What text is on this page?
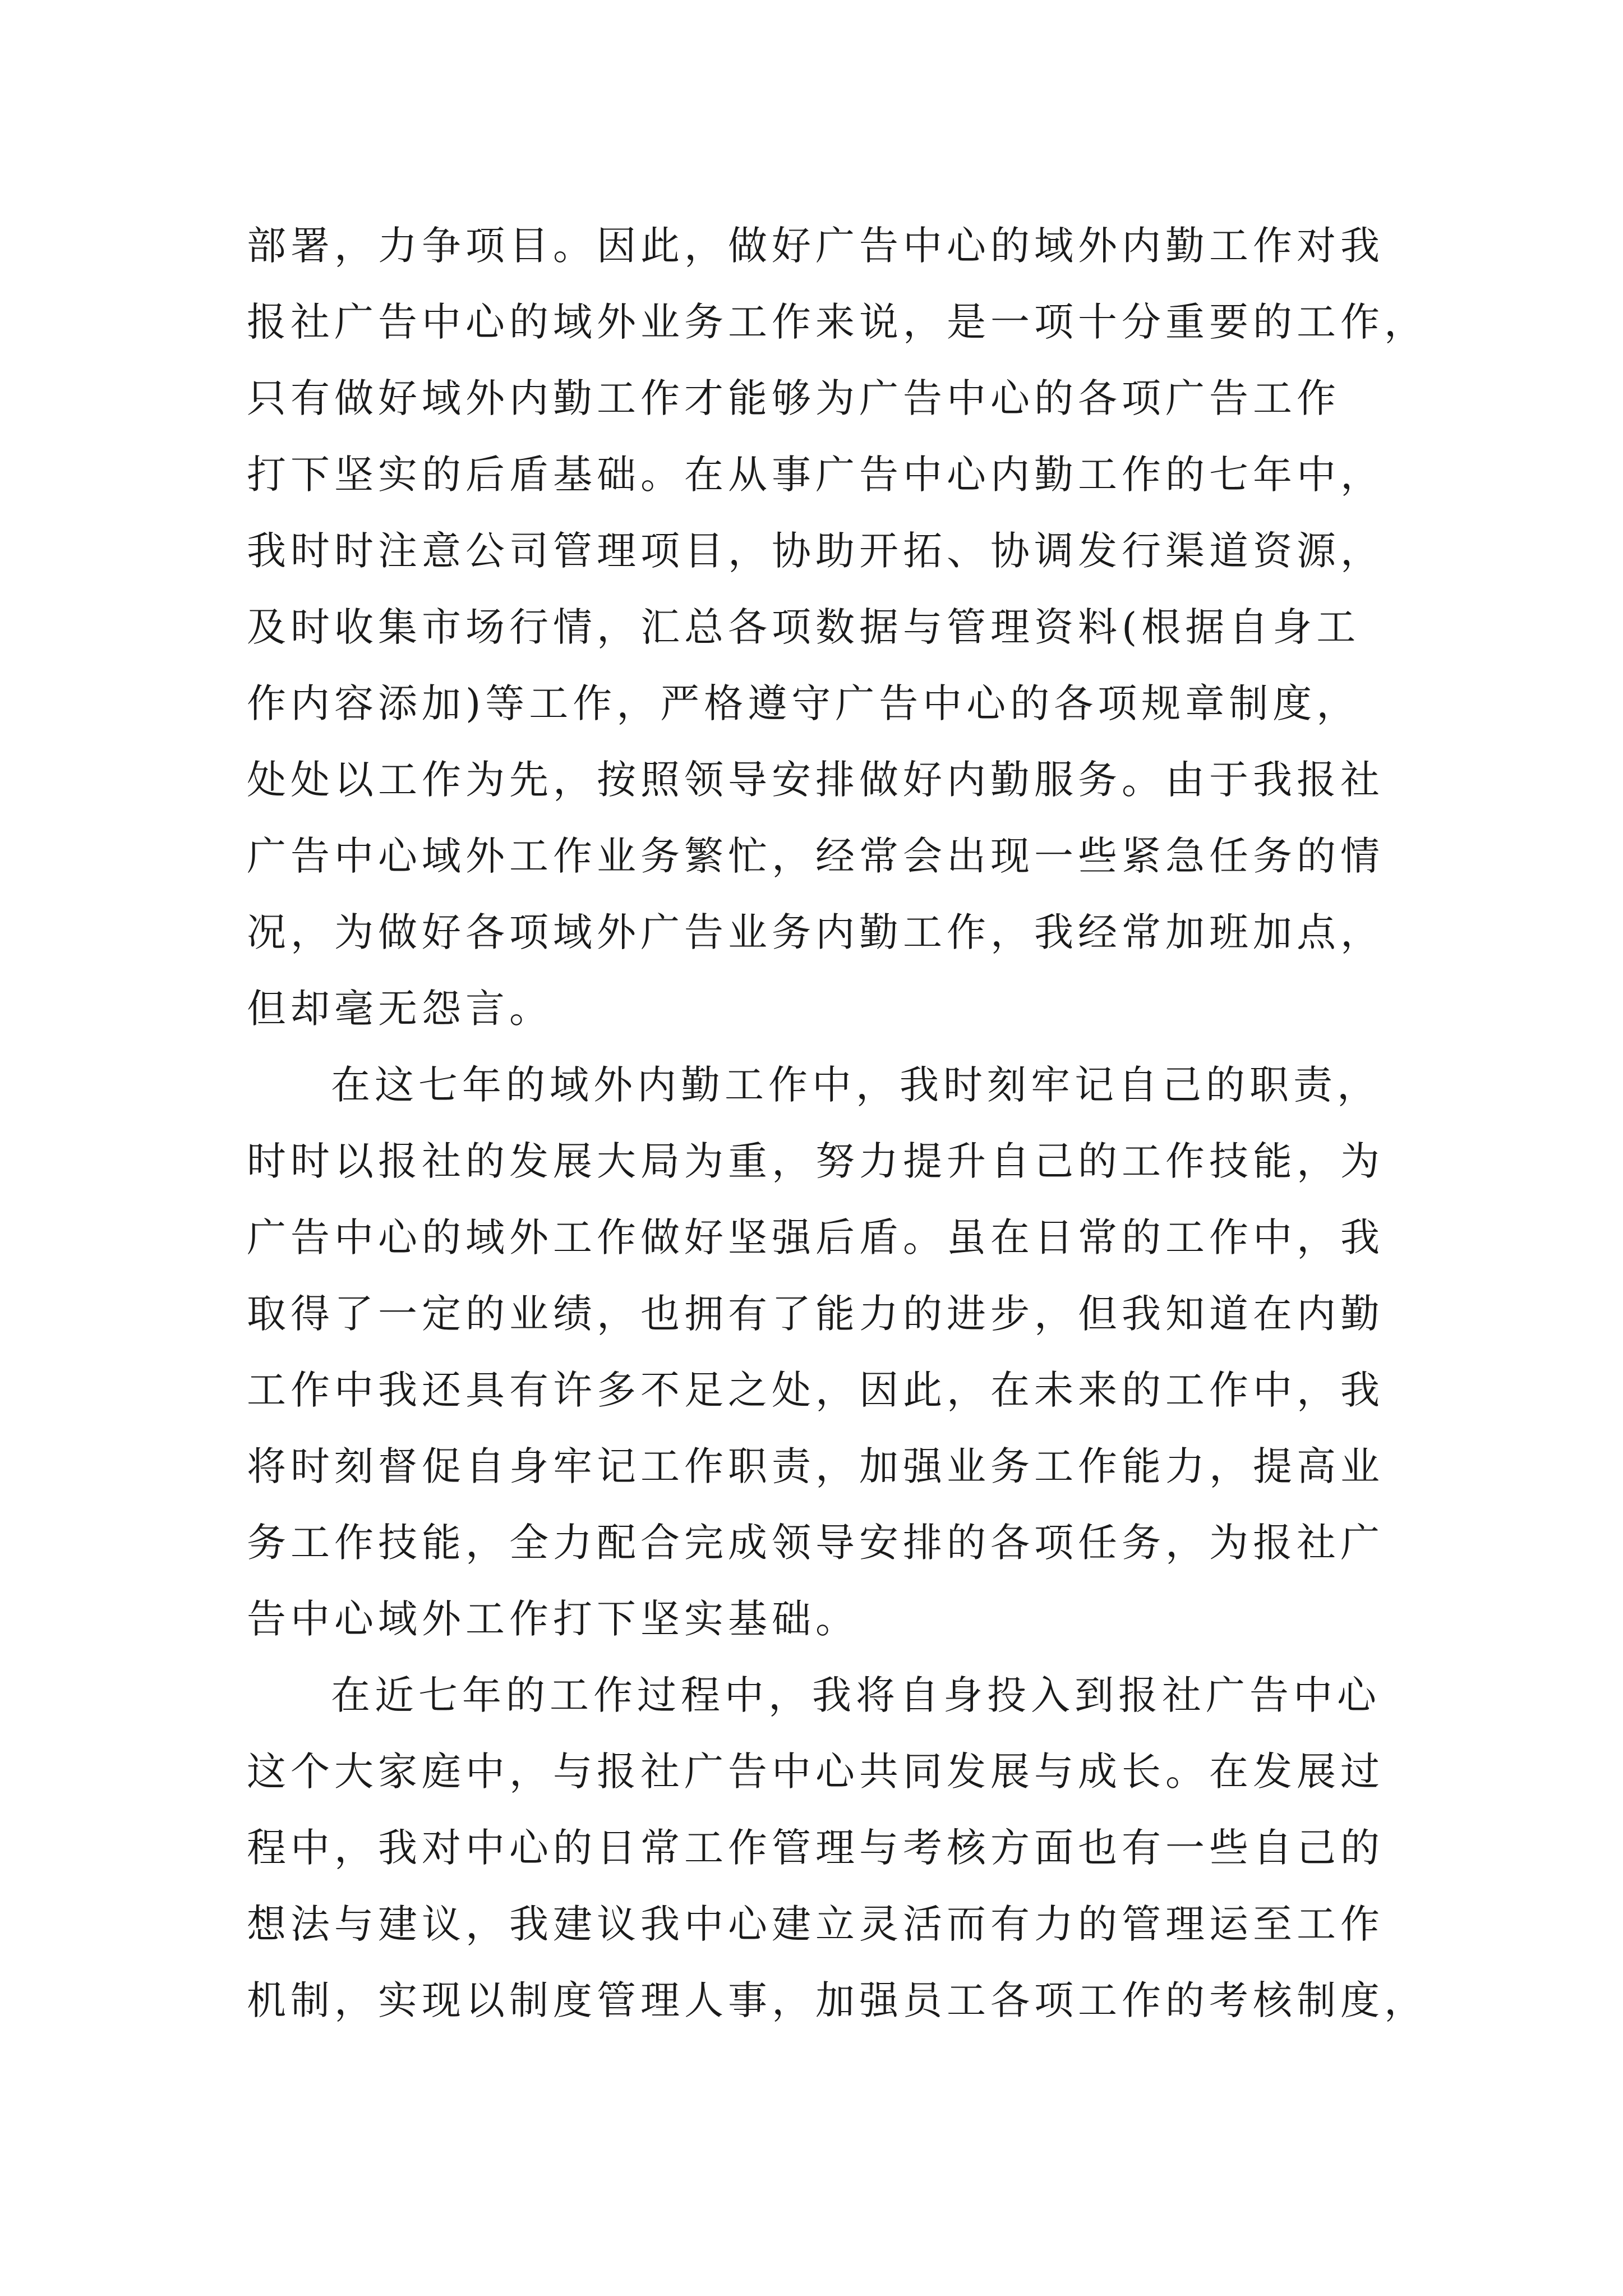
部署，力争项目。因此，做好广告中心的域外内勤工作对我
报社广告中心的域外业务工作来说，是一项十分重要的工作，
只有做好域外内勤工作才能够为广告中心的各项广告工作
打下坚实的后盾基础。在从事广告中心内勤工作的七年中，
我时时注意公司管理项目，协助开拓、协调发行渠道资源，
及时收集市场行情，汇总各项数据与管理资料(根据自身工
作内容添加)等工作，严格遵守广告中心的各项规章制度，
处处以工作为先，按照领导安排做好内勤服务。由于我报社
广告中心域外工作业务繁忙，经常会出现一些紧急任务的情
况，为做好各项域外广告业务内勤工作，我经常加班加点，
但却毫无怨言。
在这七年的域外内勤工作中，我时刻牢记自己的职责，
时时以报社的发展大局为重，努力提升自己的工作技能，为
广告中心的域外工作做好坚强后盾。虽在日常的工作中，我
取得了一定的业绩，也拥有了能力的进步，但我知道在内勤
工作中我还具有许多不足之处，因此，在未来的工作中，我
将时刻督促自身牢记工作职责，加强业务工作能力，提高业
务工作技能，全力配合完成领导安排的各项任务，为报社广
告中心域外工作打下坚实基础。
在近七年的工作过程中，我将自身投入到报社广告中心
这个大家庭中，与报社广告中心共同发展与成长。在发展过
程中，我对中心的日常工作管理与考核方面也有一些自己的
想法与建议，我建议我中心建立灵活而有力的管理运至工作
机制，实现以制度管理人事，加强员工各项工作的考核制度，
